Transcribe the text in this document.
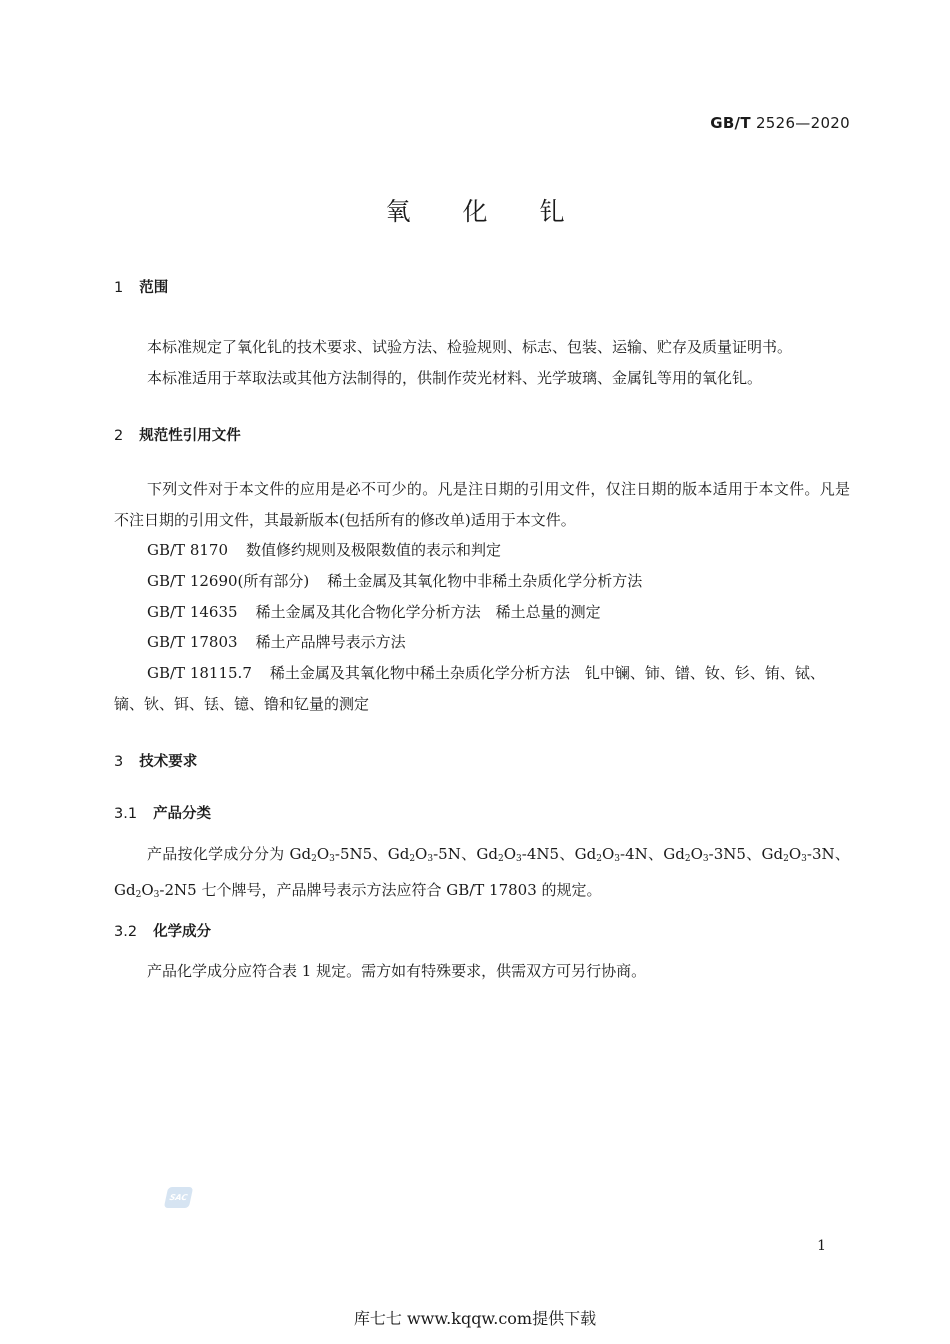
GB/T 2526—2020
氧化钆
1 范围
本标准规定了氧化钆的技术要求、试验方法、检验规则、标志、包装、运输、贮存及质量证明书。
本标准适用于萃取法或其他方法制得的，供制作荧光材料、光学玻璃、金属钆等用的氧化钆。
2 规范性引用文件
下列文件对于本文件的应用是必不可少的。凡是注日期的引用文件，仅注日期的版本适用于本文件。凡是不注日期的引用文件，其最新版本(包括所有的修改单)适用于本文件。
GB/T 8170 数值修约规则及极限数值的表示和判定
GB/T 12690(所有部分) 稀土金属及其氧化物中非稀土杂质化学分析方法
GB/T 14635 稀土金属及其化合物化学分析方法　稀土总量的测定
GB/T 17803 稀土产品牌号表示方法
GB/T 18115.7 稀土金属及其氧化物中稀土杂质化学分析方法　钆中镧、铈、镨、钕、钐、铕、铽、
镝、钬、铒、铥、镱、镥和钇量的测定
3 技术要求
3.1 产品分类
产品按化学成分分为 $Gd_2O_3-5N5$、$Gd_2O_3-5N$、$Gd_2O_3-4N5$、$Gd_2O_3-4N$、$Gd_2O_3-3N5$、$Gd_2O_3-3N$、$Gd_2O_3-2N5$ 七个牌号，产品牌号表示方法应符合 GB/T 17803 的规定。
3.2 化学成分
产品化学成分应符合表 1 规定。需方如有特殊要求，供需双方可另行协商。
SAC
1
库七七 www.kqqw.com提供下载
